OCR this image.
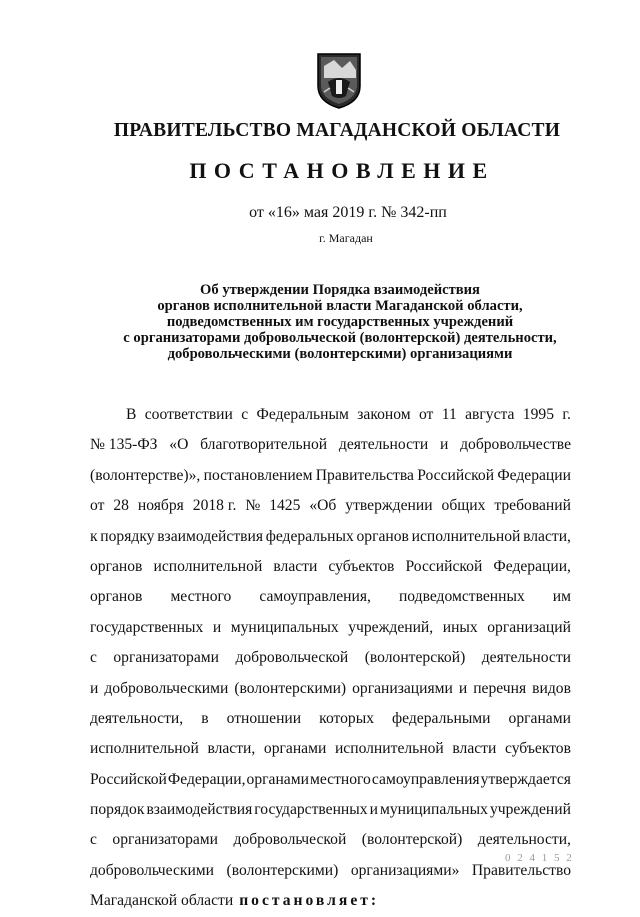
ПРАВИТЕЛЬСТВО МАГАДАНСКОЙ ОБЛАСТИ
ПОСТАНОВЛЕНИЕ
от «16» мая 2019 г. № 342-пп
г. Магадан
Об утверждении Порядка взаимодействия
органов исполнительной власти Магаданской области,
подведомственных им государственных учреждений
с организаторами добровольческой (волонтерской) деятельности,
добровольческими (волонтерскими) организациями
В соответствии с Федеральным законом от 11 августа 1995 г.
№ 135-ФЗ «О благотворительной деятельности и добровольчестве
(волонтерстве)», постановлением Правительства Российской Федерации
от 28 ноября 2018 г. № 1425 «Об утверждении общих требований
к порядку взаимодействия федеральных органов исполнительной власти,
органов исполнительной власти субъектов Российской Федерации,
органов местного самоуправления, подведомственных им
государственных и муниципальных учреждений, иных организаций
с организаторами добровольческой (волонтерской) деятельности
и добровольческими (волонтерскими) организациями и перечня видов
деятельности, в отношении которых федеральными органами
исполнительной власти, органами исполнительной власти субъектов
Российской Федерации, органами местного самоуправления утверждается
порядок взаимодействия государственных и муниципальных учреждений
с организаторами добровольческой (волонтерской) деятельности,
добровольческими (волонтерскими) организациями» Правительство
Магаданской области постановляет:
0 2 4 1 5 2
